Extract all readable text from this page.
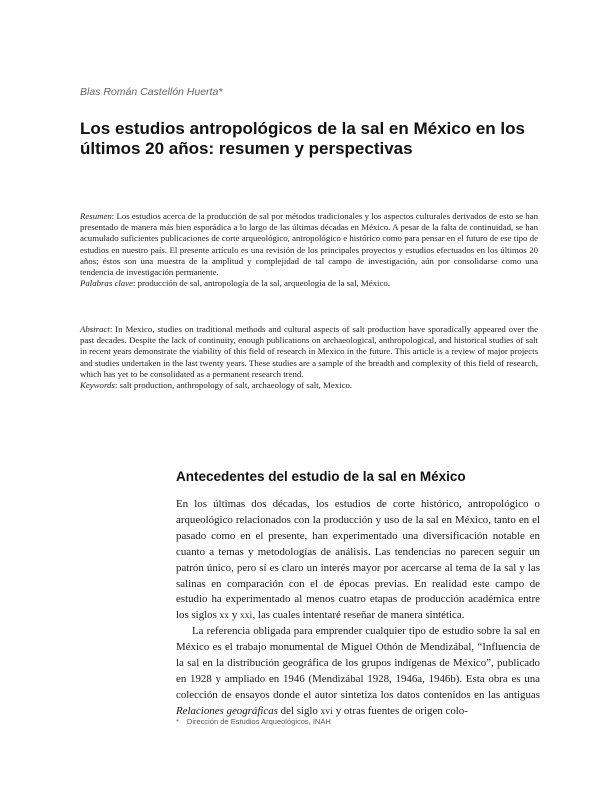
Blas Román Castellón Huerta*
Los estudios antropológicos de la sal en México en los últimos 20 años: resumen y perspectivas

Resumen: Los estudios acerca de la producción de sal por métodos tradicionales y los aspectos culturales derivados de esto se han presentado de manera más bien esporádica a lo largo de las últimas décadas en México. A pesar de la falta de continuidad, se han acumulado suficientes publicaciones de corte arqueológico, antropológico e histórico como para pensar en el futuro de ese tipo de estudios en nuestro país. El presente artículo es una revisión de los principales proyectos y estudios efectuados en los últimos 20 años; éstos son una muestra de la amplitud y complejidad de tal campo de investigación, aún por consolidarse como una tendencia de investigación permanente.

Palabras clave: producción de sal, antropología de la sal, arqueología de la sal, México.

Abstract: In Mexico, studies on traditional methods and cultural aspects of salt production have sporadically appeared over the past decades. Despite the lack of continuity, enough publications on archaeological, anthropological, and historical studies of salt in recent years demonstrate the viability of this field of research in Mexico in the future. This article is a review of major projects and studies undertaken in the last twenty years. These studies are a sample of the breadth and complexity of this field of research, which has yet to be consolidated as a permanent research trend.

Keywords: salt production, anthropology of salt, archaeology of salt, Mexico.

Antecedentes del estudio de la sal en México

En los últimas dos décadas, los estudios de corte histórico, antropológico o arqueológico relacionados con la producción y uso de la sal en México, tanto en el pasado como en el presente, han experimentado una diversificación notable en cuanto a temas y metodologías de análisis. Las tendencias no parecen seguir un patrón único, pero sí es claro un interés mayor por acercarse al tema de la sal y las salinas en comparación con el de épocas previas. En realidad este campo de estudio ha experimentado al menos cuatro etapas de producción académica entre los siglos xx y xxi, las cuales intentaré reseñar de manera sintética.

La referencia obligada para emprender cualquier tipo de estudio sobre la sal en México es el trabajo monumental de Miguel Othón de Mendizábal, “Influencia de la sal en la distribución geográfica de los grupos indígenas de México”, publicado en 1928 y ampliado en 1946 (Mendizábal 1928, 1946a, 1946b). Esta obra es una colección de ensayos donde el autor sintetiza los datos contenidos en las antiguas Relaciones geográficas del siglo xvi y otras fuentes de origen colo-

* Dirección de Estudios Arqueológicos, INAH
